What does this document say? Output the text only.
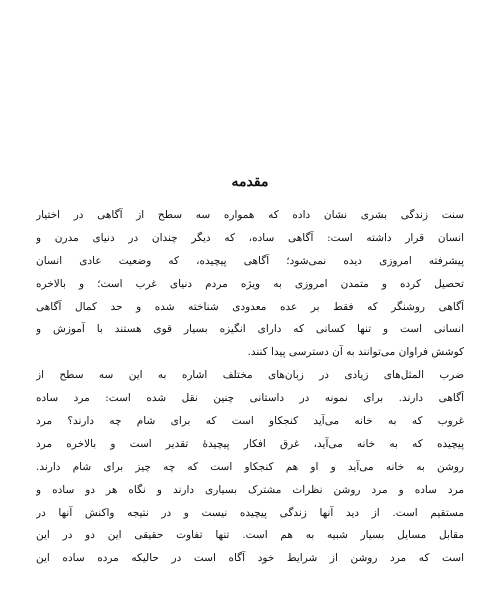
مقدمه
سنت زندگی بشری نشان داده که همواره سه سطح از آگاهی در اختیار
انسان قرار داشته است: آگاهی ساده، که دیگر چندان در دنیای مدرن و
پیشرفته امروزی دیده نمی‌شود؛ آگاهی پیچیده، که وضعیت عادی انسان
تحصیل کرده و متمدن امروزی به ویژه مردم دنیای غرب است؛ و بالاخره
آگاهی روشنگر که فقط بر عده معدودی شناخته شده و حد کمال آگاهی
انسانی است و تنها کسانی که دارای انگیزه بسیار قوی هستند با آموزش و
کوشش فراوان می‌توانند به آن دسترسی پیدا کنند.
ضرب المثل‌های زیادی در زبان‌های مختلف اشاره به این سه سطح از
آگاهی دارند. برای نمونه در داستانی چنین نقل شده است: مرد ساده
غروب که به خانه می‌آید کنجکاو است که برای شام چه دارند؟ مرد
پیچیده که به خانه می‌آید، غرق افکار پیچیدهٔ تقدیر است و بالاخره مرد
روشن به خانه می‌آید و او هم کنجکاو است که چه چیز برای شام دارند.
مرد ساده و مرد روشن نظرات مشترک بسیاری دارند و نگاه هر دو ساده و
مستقیم است. از دید آنها زندگی پیچیده نیست و در نتیجه واکنش آنها در
مقابل مسایل بسیار شبیه به هم است. تنها تفاوت حقیقی این دو در این
است که مرد روشن از شرایط خود آگاه است در حالیکه مرده ساده این
